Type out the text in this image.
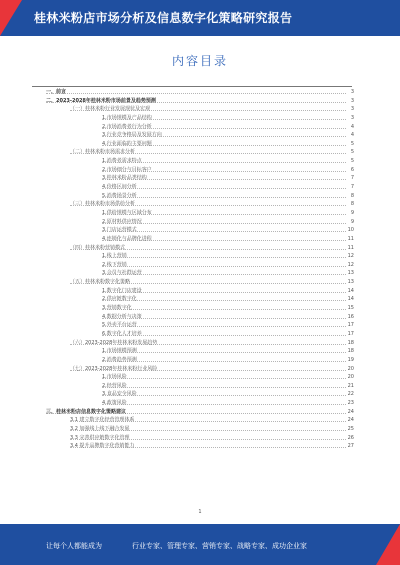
桂林米粉店市场分析及信息数字化策略研究报告
内容目录
一、前言	3
二、2023-2028年桂林米粉市场前景及趋势预测	3
（一）桂林米粉行业发展现状及宏观	3
1.市场规模及产品结构	3
2.市场消费者行为分析	4
3.行业竞争格局及发展方向	4
4.行业面临的主要问题	5
（二）桂林米粉市场需求分析	5
1.消费者需求特点	5
2.市场细分与目标客户	6
3.桂林米粉品类结构	7
4.价格区间分析	7
5.消费场景分析	8
（三）桂林米粉市场供给分析	8
1.供给规模与区域分布	9
2.原材料供应情况	9
3.门店运营模式	10
4.连锁化与品牌化进程	11
（四）桂林米粉营销模式	11
1.线上营销	12
2.线下营销	12
3.会员与社群运营	13
（五）桂林米粉数字化策略	13
1.数字化门店建设	14
2.供应链数字化	14
3.营销数字化	15
4.数据分析与决策	16
5.外卖平台运营	17
6.数字化人才培养	17
（六）2023-2028年桂林米粉发展趋势	18
1.市场规模预测	18
2.消费趋势预测	19
（七）2023-2028年桂林米粉行业风险	20
1.市场风险	20
2.经营风险	21
3.食品安全风险	22
4.政策风险	23
三、桂林米粉店信息数字化策略建议	24
3.1 建立数字化经营管理体系	24
3.2 加强线上线下融合发展	25
3.3 完善供应链数字化管理	26
3.4 提升品牌数字化营销能力	27
1
让每个人都能成为	行业专家、管理专家、营销专家、战略专家、成功企业家
